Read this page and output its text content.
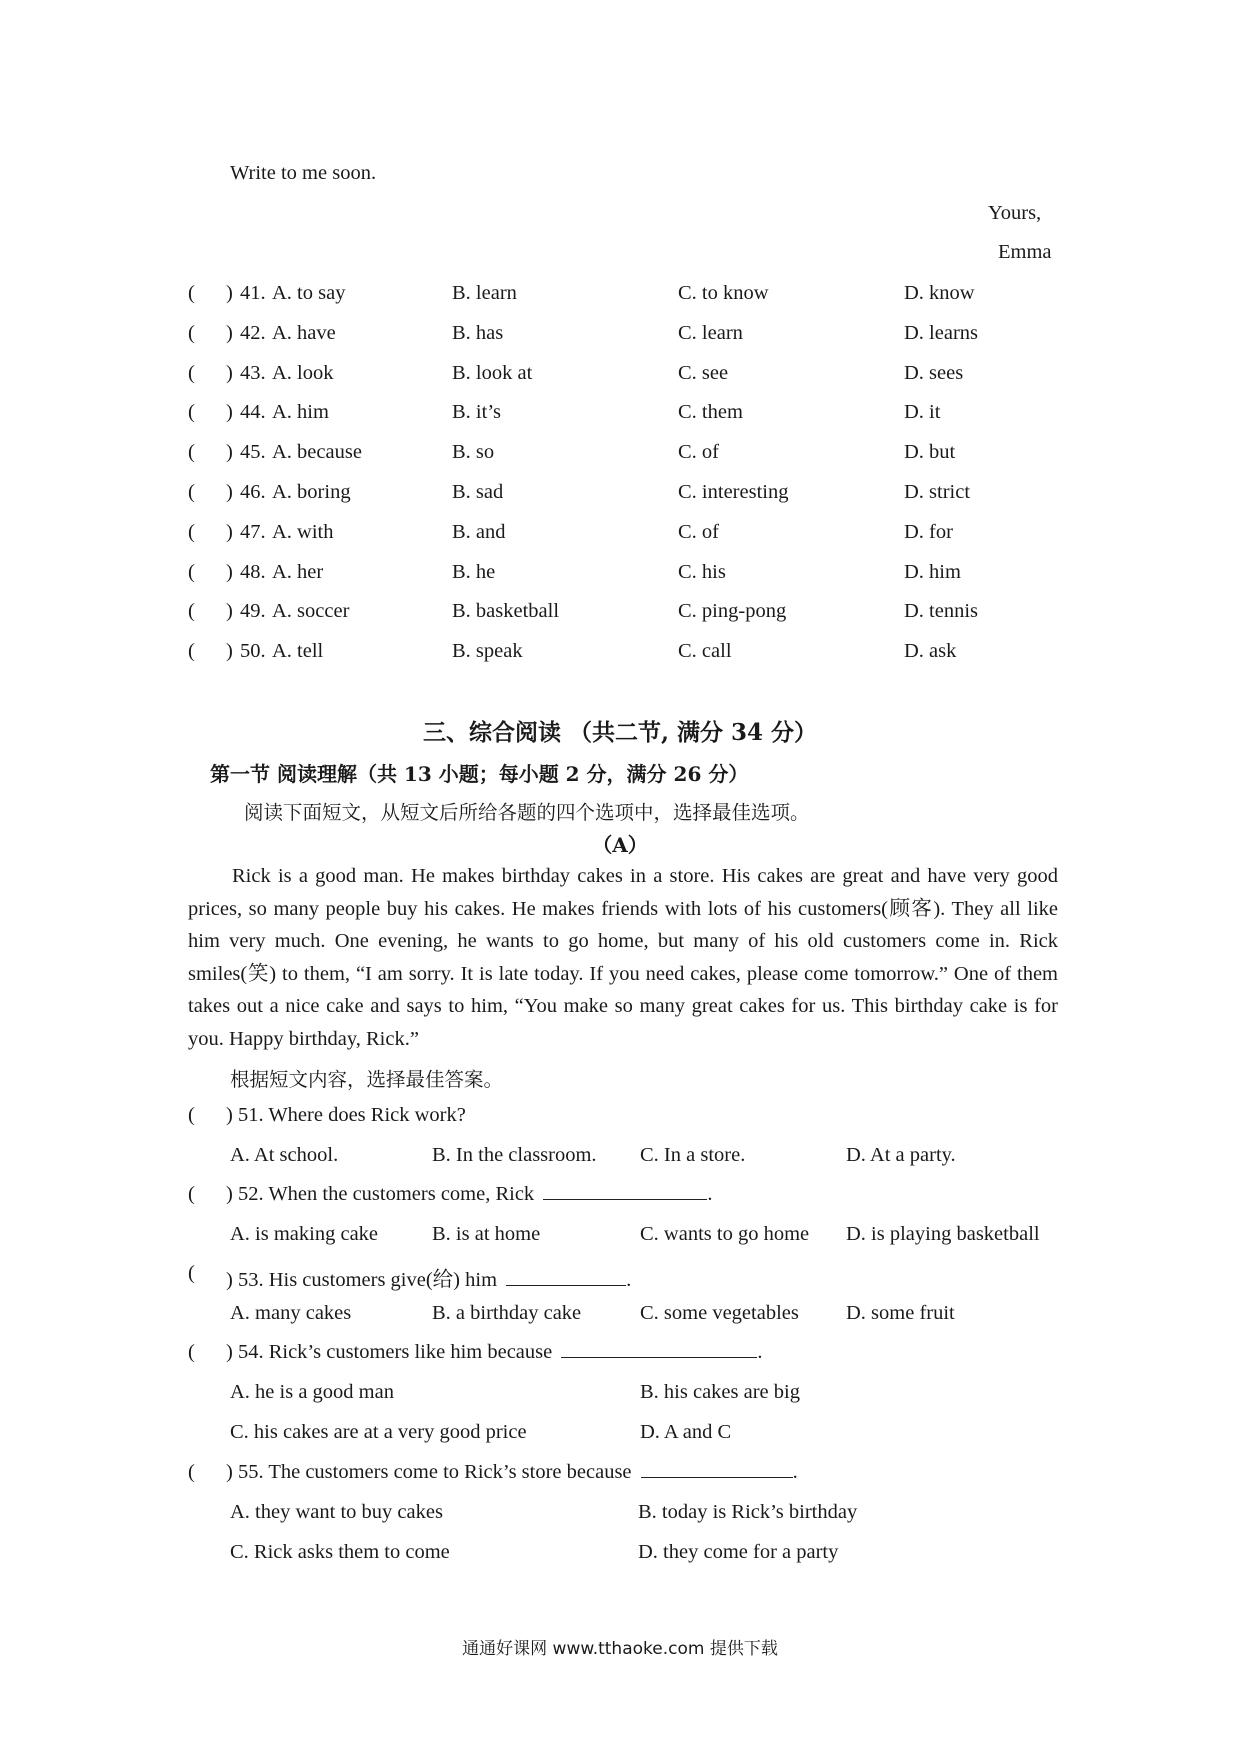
Write to me soon.
Yours,
Emma
( ) 41. A. to say	B. learn	C. to know	D. know
( ) 42. A. have	B. has	C. learn	D. learns
( ) 43. A. look	B. look at	C. see	D. sees
( ) 44. A. him	B. it’s	C. them	D. it
( ) 45. A. because	B. so	C. of	D. but
( ) 46. A. boring	B. sad	C. interesting	D. strict
( ) 47. A. with	B. and	C. of	D. for
( ) 48. A. her	B. he	C. his	D. him
( ) 49. A. soccer	B. basketball	C. ping-pong	D. tennis
( ) 50. A. tell	B. speak	C. call	D. ask
三、综合阅读 （共二节, 满分 34 分）
第一节 阅读理解（共 13 小题；每小题 2 分，满分 26 分）
阅读下面短文，从短文后所给各题的四个选项中，选择最佳选项。
（A）
Rick is a good man. He makes birthday cakes in a store. His cakes are great and have very good prices, so many people buy his cakes. He makes friends with lots of his customers(顾客). They all like him very much. One evening, he wants to go home, but many of his old customers come in. Rick smiles(笑) to them, “I am sorry. It is late today. If you need cakes, please come tomorrow.” One of them takes out a nice cake and says to him, “You make so many great cakes for us. This birthday cake is for you. Happy birthday, Rick.”
根据短文内容，选择最佳答案。
( ) 51. Where does Rick work?
A. At school.	B. In the classroom. C. In a store.	D. At a party.
( ) 52. When the customers come, Rick	.
A. is making cake	B. is at home	C. wants to go home D. is playing basketball
( ) 53. His customers give(给) him	.
A. many cakes	B. a birthday cake	C. some vegetables D. some fruit
( ) 54. Rick’s customers like him because	.
A. he is a good man	B. his cakes are big
C. his cakes are at a very good price	D. A and C
( ) 55. The customers come to Rick’s store because	.
A. they want to buy cakes	B. today is Rick’s birthday
C. Rick asks them to come	D. they come for a party
通通好课网 www.tthaoke.com 提供下载
